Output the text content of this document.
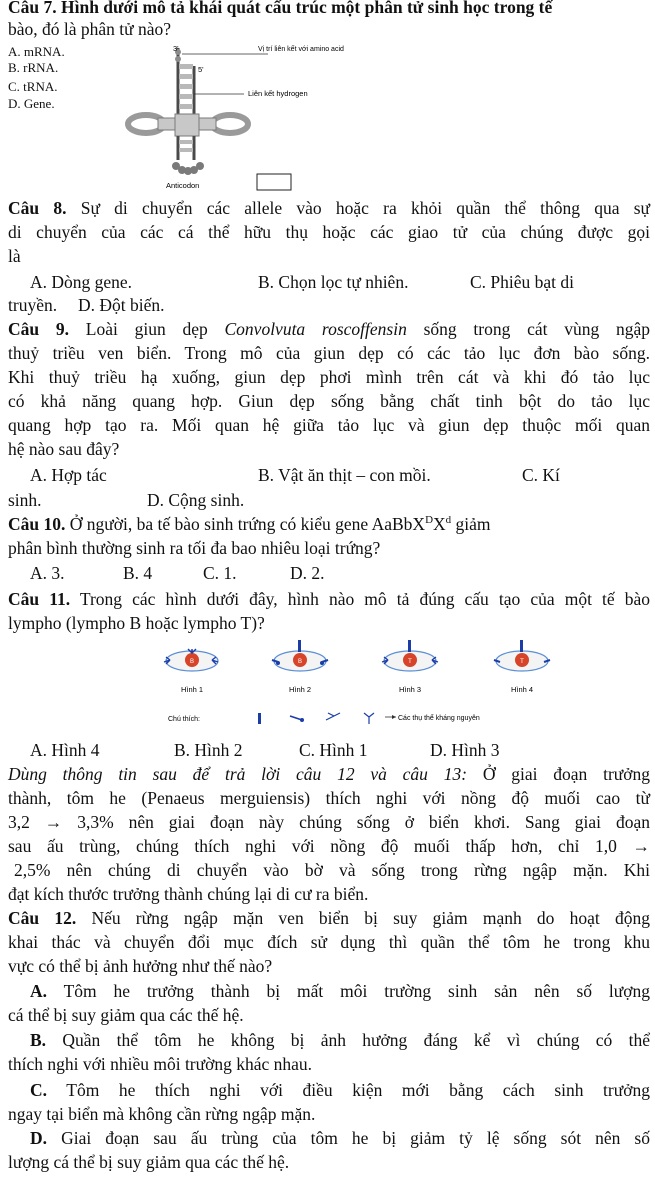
Câu 7. Hình dưới mô tả khái quát cấu trúc một phân tử sinh học trong tế
bào, đó là phân tử nào?
A. mRNA.
B. rRNA.
C. tRNA.
D. Gene.
3'
5'
Vị trí liên kết với amino acid
Liên kết hydrogen
Anticodon
Câu 8. Sự di chuyển các allele vào hoặc ra khỏi quần thể thông qua sự
di chuyển của các cá thể hữu thụ hoặc các giao tử của chúng được gọi
là
A. Dòng gene.	B. Chọn lọc tự nhiên.	C. Phiêu bạt di
truyền. D. Đột biến.
Câu 9. Loài giun dẹp Convolvuta roscoffensin sống trong cát vùng ngập
thuỷ triều ven biển. Trong mô của giun dẹp có các tảo lục đơn bào sống.
Khi thuỷ triều hạ xuống, giun dẹp phơi mình trên cát và khi đó tảo lục
có khả năng quang hợp. Giun dẹp sống bằng chất tinh bột do tảo lục
quang hợp tạo ra. Mối quan hệ giữa tảo lục và giun dẹp thuộc mối quan
hệ nào sau đây?
A. Hợp tác	B. Vật ăn thịt – con mồi.	C. Kí
sinh.	D. Cộng sinh.
Câu 10. Ở người, ba tế bào sinh trứng có kiểu gene $AaBbX^DX^d$ giảm
phân bình thường sinh ra tối đa bao nhiêu loại trứng?
A. 3.	B. 4	C. 1.	D. 2.
Câu 11. Trong các hình dưới đây, hình nào mô tả đúng cấu tạo của một tế bào
lympho (lympho B hoặc lympho T)?
B
Hình 1
B
Hình 2
T
Hình 3
T
Hình 4
Chú thích:	Các thụ thể kháng nguyên
A. Hình 4	B. Hình 2	C. Hình 1	D. Hình 3
Dùng thông tin sau để trả lời câu 12 và câu 13: Ở giai đoạn trưởng
thành, tôm he (Penaeus merguiensis) thích nghi với nồng độ muối cao từ
3,2 → 3,3% nên giai đoạn này chúng sống ở biển khơi. Sang giai đoạn
sau ấu trùng, chúng thích nghi với nồng độ muối thấp hơn, chỉ 1,0 →
2,5% nên chúng di chuyển vào bờ và sống trong rừng ngập mặn. Khi
đạt kích thước trưởng thành chúng lại di cư ra biển.
Câu 12. Nếu rừng ngập mặn ven biển bị suy giảm mạnh do hoạt động
khai thác và chuyển đổi mục đích sử dụng thì quần thể tôm he trong khu
vực có thể bị ảnh hưởng như thế nào?
A. Tôm he trưởng thành bị mất môi trường sinh sản nên số lượng
cá thể bị suy giảm qua các thế hệ.
B. Quần thể tôm he không bị ảnh hưởng đáng kể vì chúng có thể
thích nghi với nhiều môi trường khác nhau.
C. Tôm he thích nghi với điều kiện mới bằng cách sinh trưởng
ngay tại biển mà không cần rừng ngập mặn.
D. Giai đoạn sau ấu trùng của tôm he bị giảm tỷ lệ sống sót nên số
lượng cá thể bị suy giảm qua các thế hệ.
